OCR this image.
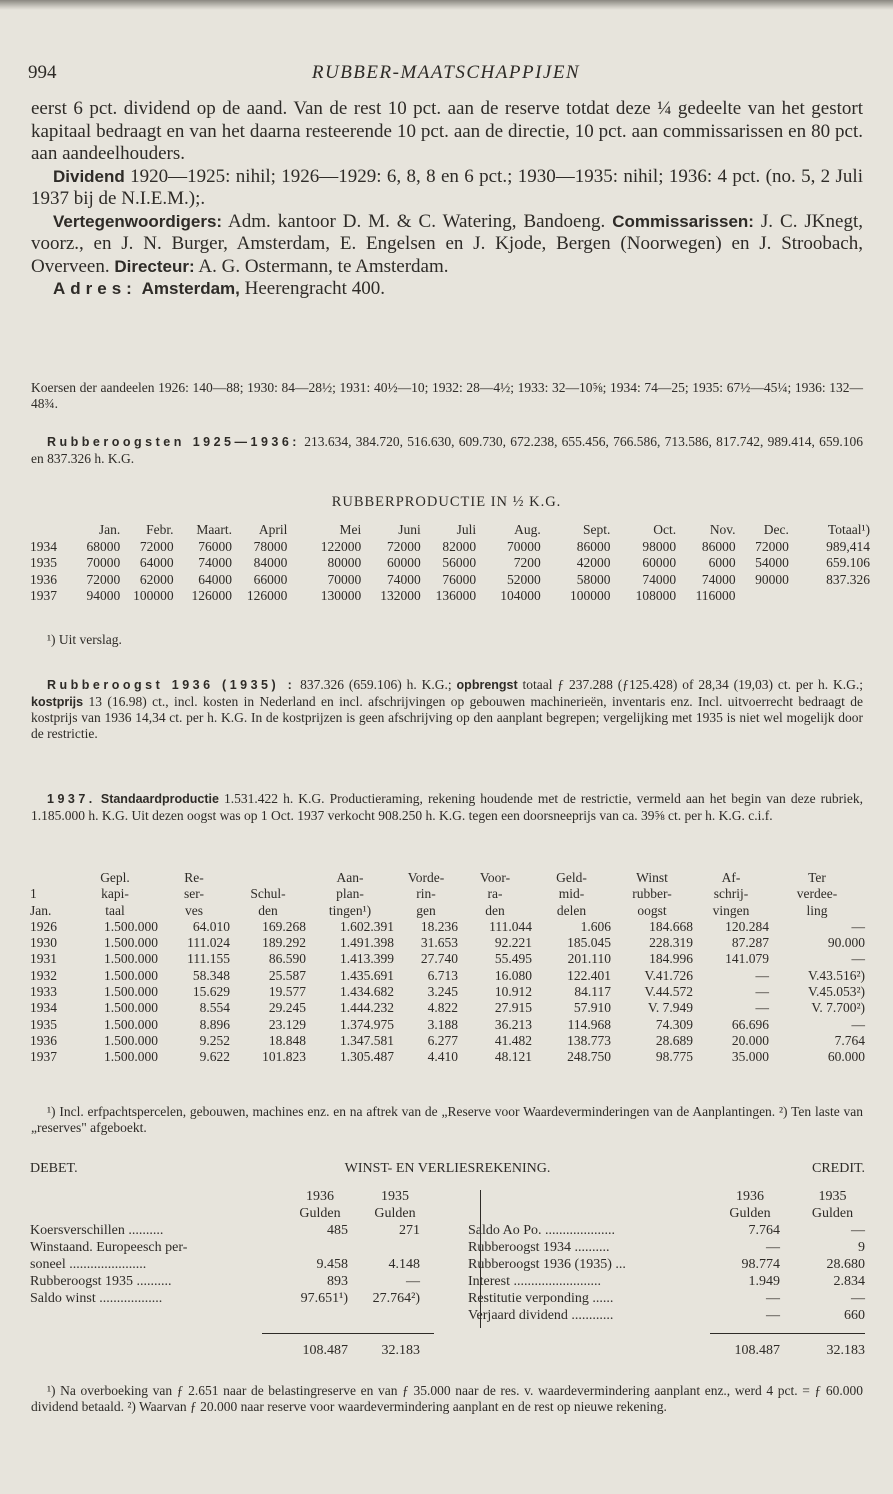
994	RUBBER-MAATSCHAPPIJEN

eerst 6 pct. dividend op de aand. Van de rest 10 pct. aan de reserve totdat deze ¼ gedeelte van het gestort kapitaal bedraagt en van het daarna resteerende 10 pct. aan de directie, 10 pct. aan commissarissen en 80 pct. aan aandeelhouders.

Dividend 1920—1925: nihil; 1926—1929: 6, 8, 8 en 6 pct.; 1930—1935: nihil; 1936: 4 pct. (no. 5, 2 Juli 1937 bij de N.I.E.M.);.

Vertegenwoordigers: Adm. kantoor D. M. & C. Watering, Bandoeng. Commissarissen: J. C. JKnegt, voorz., en J. N. Burger, Amsterdam, E. Engelsen en J. Kjode, Bergen (Noorwegen) en J. Stroobach, Overveen. Directeur: A. G. Ostermann, te Amsterdam.

Adres: Amsterdam, Heerengracht 400.

Koersen der aandeelen 1926: 140—88; 1930: 84—28½; 1931: 40½—10; 1932: 28—4½; 1933: 32—10⅝; 1934: 74—25; 1935: 67½—45¼; 1936: 132—48¾.

Rubberoogsten 1925—1936: 213.634, 384.720, 516.630, 609.730, 672.238, 655.456, 766.586, 713.586, 817.742, 989.414, 659.106 en 837.326 h. K.G.

RUBBERPRODUCTIE IN ½ K.G.
	Jan.	Febr.	Maart.	April	Mei	Juni	Juli	Aug.	Sept.	Oct.	Nov.	Dec.	Totaal¹)
1934	68000	72000	76000	78000	122000	72000	82000	70000	86000	98000	86000	72000	989,414
1935	70000	64000	74000	84000	80000	60000	56000	7200	42000	60000	6000	54000	659.106
1936	72000	62000	64000	66000	70000	74000	76000	52000	58000	74000	74000	90000	837.326
1937	94000	100000	126000	126000	130000	132000	136000	104000	100000	108000	116000		

¹) Uit verslag.

Rubberoogst 1936 (1935) : 837.326 (659.106) h. K.G.; opbrengst totaal ƒ 237.288 (ƒ125.428) of 28,34 (19,03) ct. per h. K.G.; kostprijs 13 (16.98) ct., incl. kosten in Nederland en incl. afschrijvingen op gebouwen machinerieën, inventaris enz. Incl. uitvoerrecht bedraagt de kostprijs van 1936 14,34 ct. per h. K.G. In de kostprijzen is geen afschrijving op den aanplant begrepen; vergelijking met 1935 is niet wel mogelijk door de restrictie.

1937. Standaardproductie 1.531.422 h. K.G. Productieraming, rekening houdende met de restrictie, vermeld aan het begin van deze rubriek, 1.185.000 h. K.G. Uit dezen oogst was op 1 Oct. 1937 verkocht 908.250 h. K.G. tegen een doorsneeprijs van ca. 39⅝ ct. per h. K.G. c.i.f.

	Gepl.	Re-		Aan-	Vorde-	Voor-	Geld-	Winst	Af-	Ter
1	kapi-	ser-	Schul-	plan-	rin-	ra-	mid-	rubber-	schrij-	verdee-
Jan.	taal	ves	den	tingen¹)	gen	den	delen	oogst	vingen	ling
1926	1.500.000	64.010	169.268	1.602.391	18.236	111.044	1.606	184.668	120.284	—
1930	1.500.000	111.024	189.292	1.491.398	31.653	92.221	185.045	228.319	87.287	90.000
1931	1.500.000	111.155	86.590	1.413.399	27.740	55.495	201.110	184.996	141.079	—
1932	1.500.000	58.348	25.587	1.435.691	6.713	16.080	122.401	V.41.726	—	V.43.516²)
1933	1.500.000	15.629	19.577	1.434.682	3.245	10.912	84.117	V.44.572	—	V.45.053²)
1934	1.500.000	8.554	29.245	1.444.232	4.822	27.915	57.910	V. 7.949	—	V. 7.700²)
1935	1.500.000	8.896	23.129	1.374.975	3.188	36.213	114.968	74.309	66.696	—
1936	1.500.000	9.252	18.848	1.347.581	6.277	41.482	138.773	28.689	20.000	7.764
1937	1.500.000	9.622	101.823	1.305.487	4.410	48.121	248.750	98.775	35.000	60.000

¹) Incl. erfpachtspercelen, gebouwen, machines enz. en na aftrek van de „Reserve voor Waardeverminderingen van de Aanplantingen. ²) Ten laste van „reserves" afgeboekt.

DEBET.	WINST- EN VERLIESREKENING.	CREDIT.
1936	1935
Gulden	Gulden
1936	1935
Gulden	Gulden
Koersverschillen ..........	485	271
Winstaand. Europeesch per-
soneel ......................	9.458	4.148
Rubberoogst 1935 ..........	893	—
Saldo winst ..................	97.651¹)	27.764²)
Saldo Ao Po. ....................	7.764	—
Rubberoogst 1934 ..........	—	9
Rubberoogst 1936 (1935) ...	98.774	28.680
Interest .........................	1.949	2.834
Restitutie verponding ......	—	—
Verjaard dividend ............	—	660
108.487	32.183	108.487	32.183

¹) Na overboeking van ƒ 2.651 naar de belastingreserve en van ƒ 35.000 naar de res. v. waardevermindering aanplant enz., werd 4 pct. = ƒ 60.000 dividend betaald. ²) Waarvan ƒ 20.000 naar reserve voor waardevermindering aanplant en de rest op nieuwe rekening.
